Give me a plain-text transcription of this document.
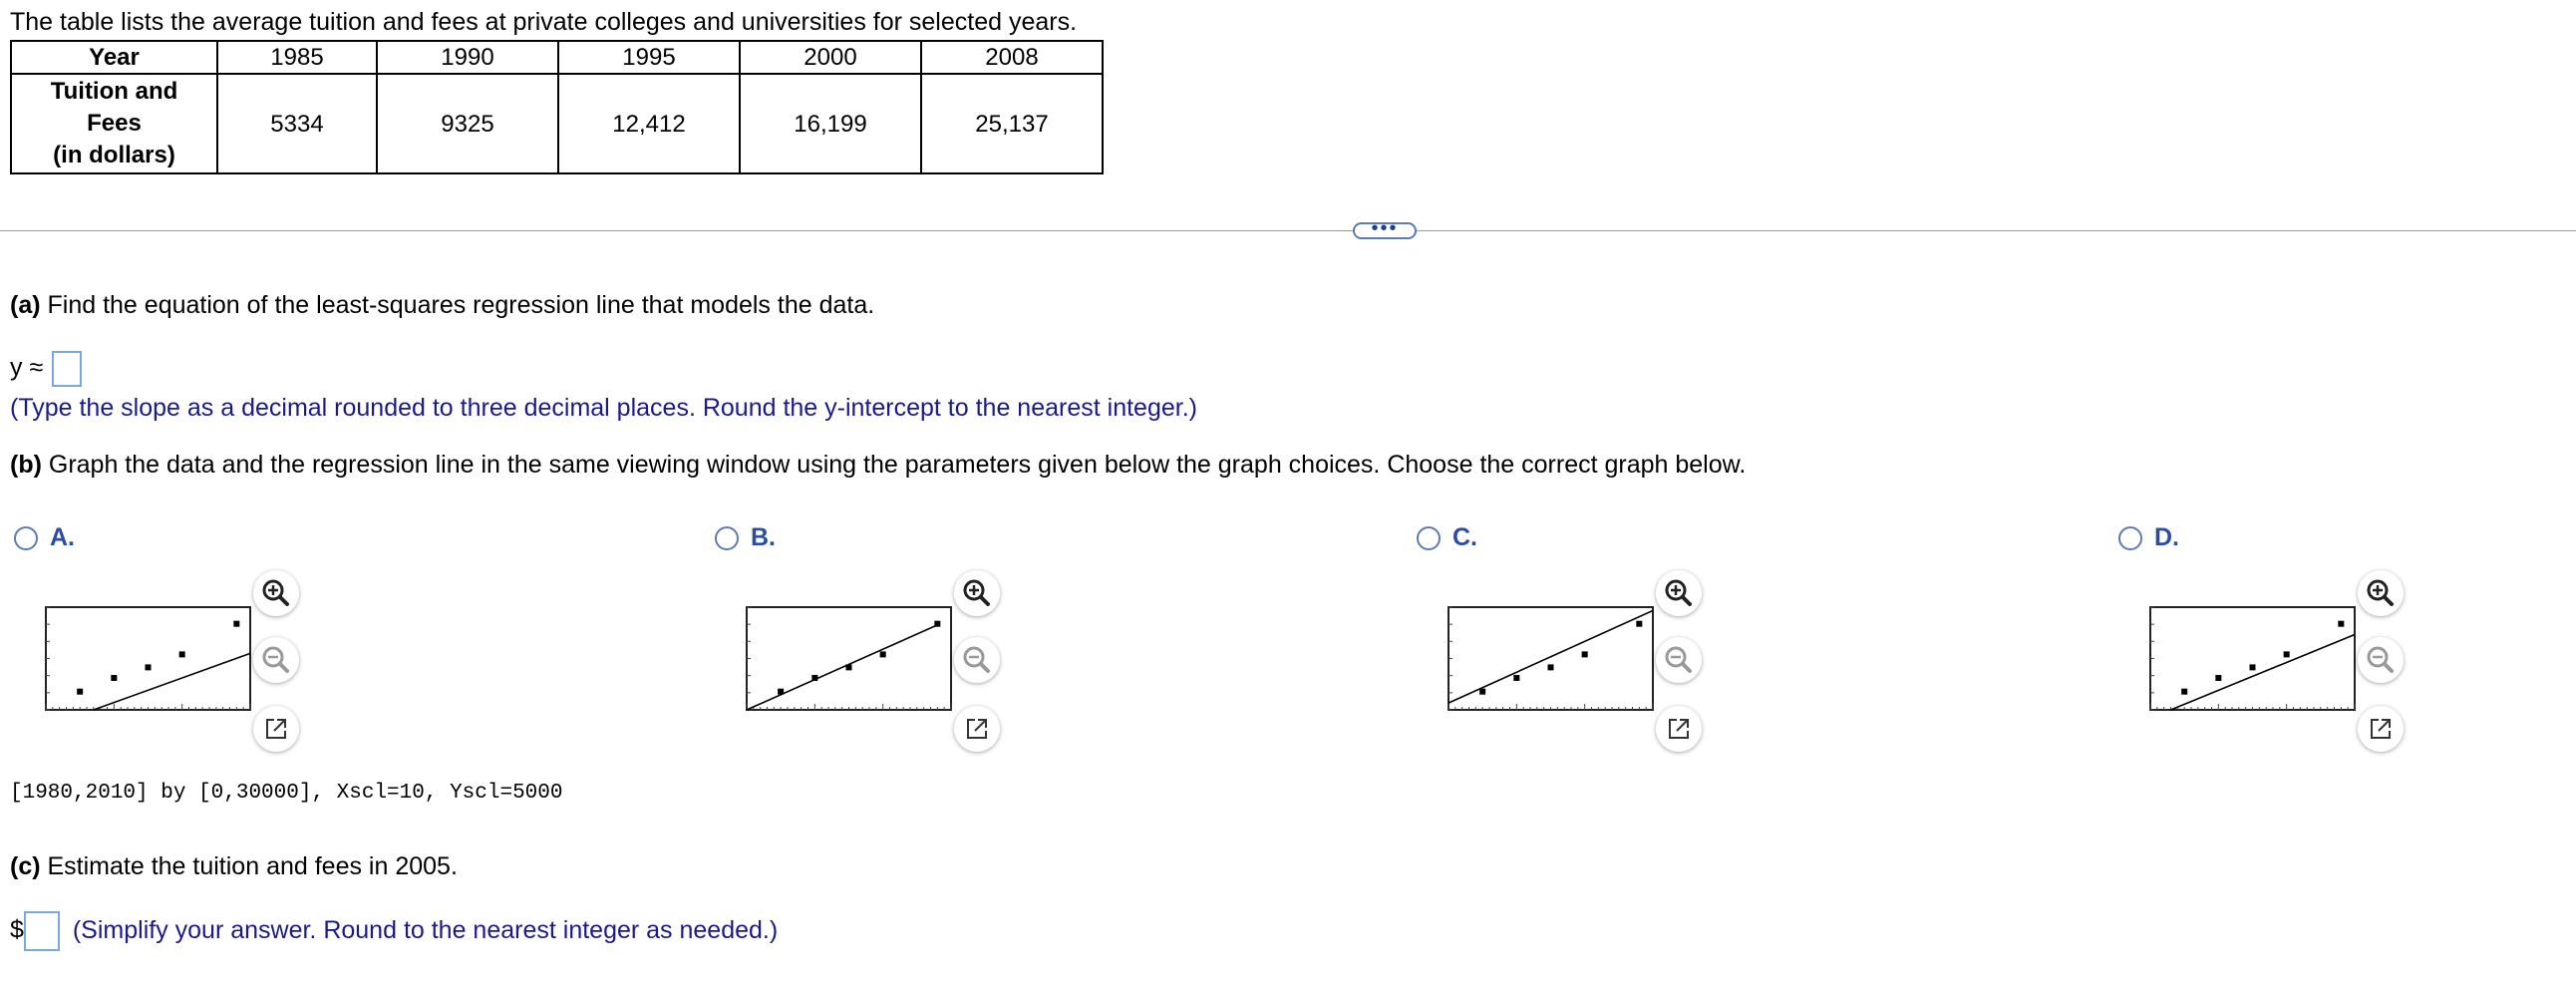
The table lists the average tuition and fees at private colleges and universities for selected years.
Year	1985	1990	1995	2000	2008
Tuition and
Fees
(in dollars)	5334	9325	12,412	16,199	25,137
•••
(a) Find the equation of the least-squares regression line that models the data.
y ≈
(Type the slope as a decimal rounded to three decimal places. Round the y-intercept to the nearest integer.)
(b) Graph the data and the regression line in the same viewing window using the parameters given below the graph choices. Choose the correct graph below.
A.	B.	C.	D.
[1980,2010] by [0,30000], Xscl=10, Yscl=5000
(c) Estimate the tuition and fees in 2005.
$ (Simplify your answer. Round to the nearest integer as needed.)
